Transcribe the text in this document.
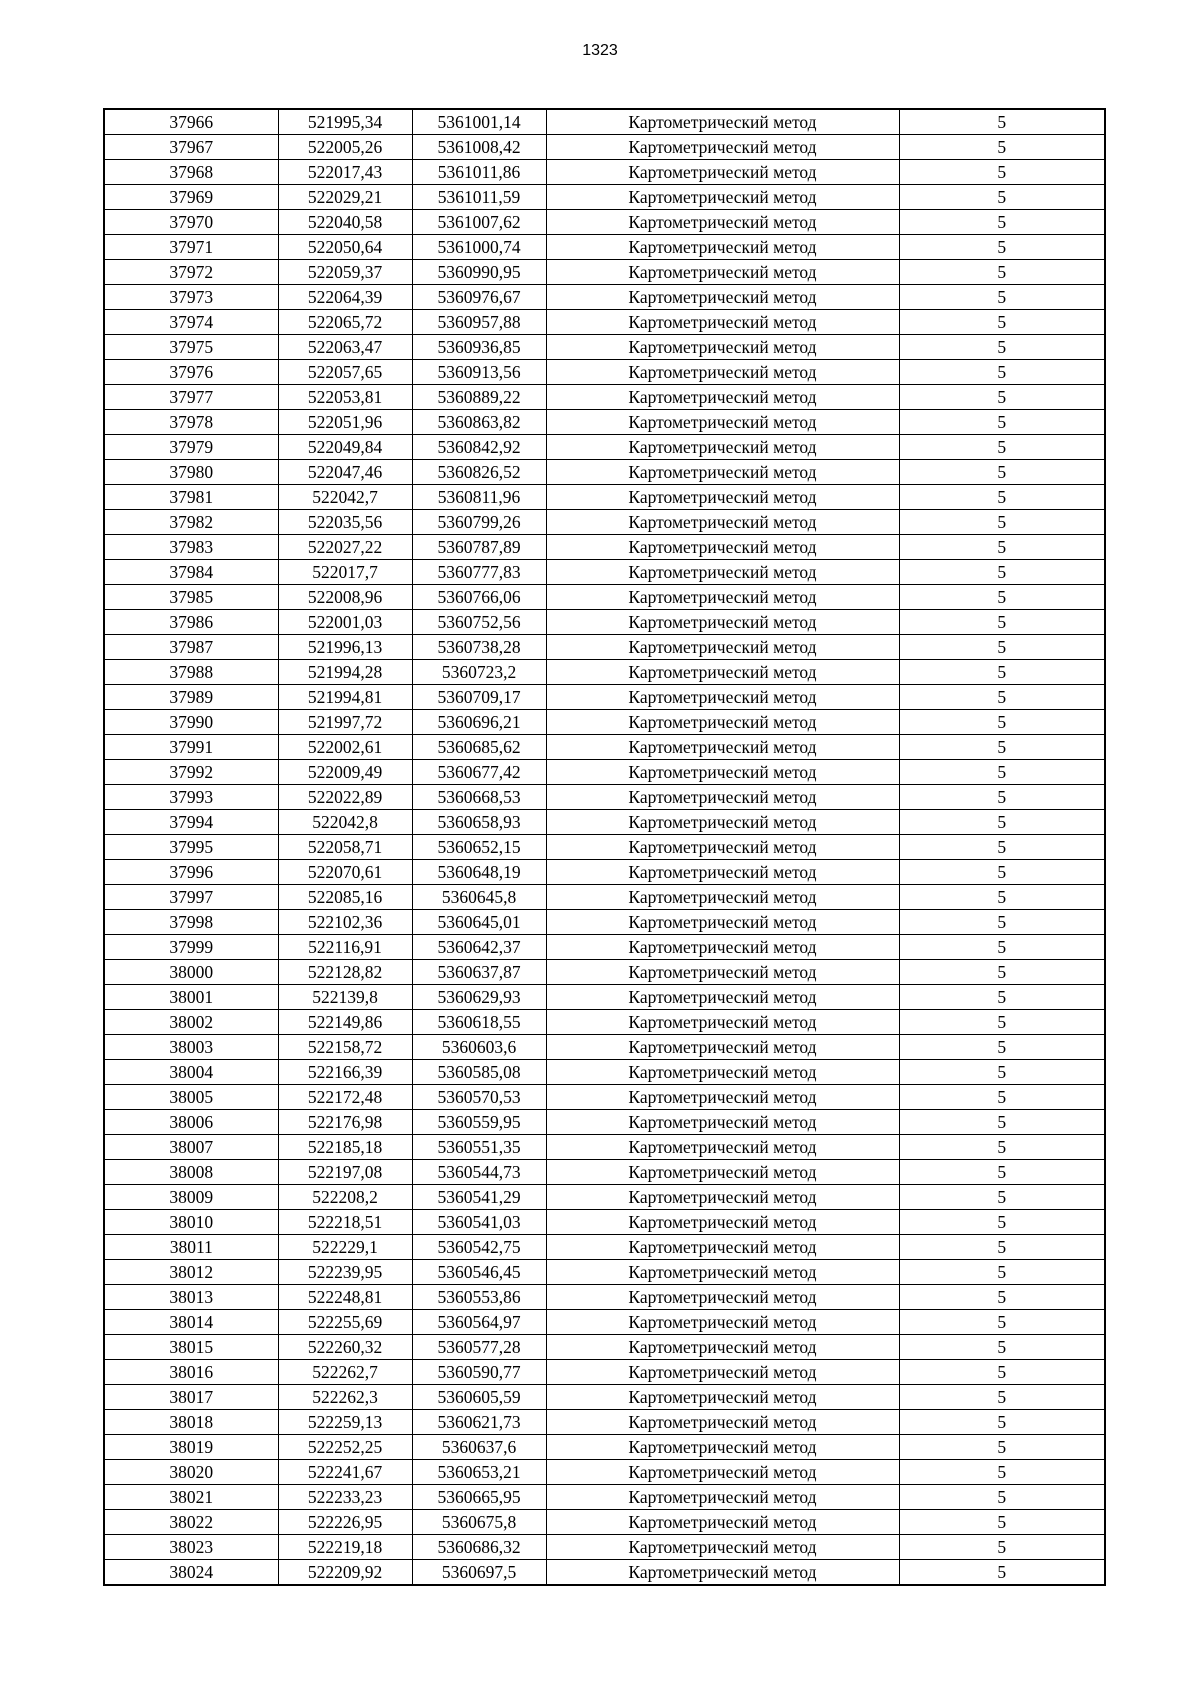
1323
37966	521995,34	5361001,14	Картометрический метод	5
37967	522005,26	5361008,42	Картометрический метод	5
37968	522017,43	5361011,86	Картометрический метод	5
37969	522029,21	5361011,59	Картометрический метод	5
37970	522040,58	5361007,62	Картометрический метод	5
37971	522050,64	5361000,74	Картометрический метод	5
37972	522059,37	5360990,95	Картометрический метод	5
37973	522064,39	5360976,67	Картометрический метод	5
37974	522065,72	5360957,88	Картометрический метод	5
37975	522063,47	5360936,85	Картометрический метод	5
37976	522057,65	5360913,56	Картометрический метод	5
37977	522053,81	5360889,22	Картометрический метод	5
37978	522051,96	5360863,82	Картометрический метод	5
37979	522049,84	5360842,92	Картометрический метод	5
37980	522047,46	5360826,52	Картометрический метод	5
37981	522042,7	5360811,96	Картометрический метод	5
37982	522035,56	5360799,26	Картометрический метод	5
37983	522027,22	5360787,89	Картометрический метод	5
37984	522017,7	5360777,83	Картометрический метод	5
37985	522008,96	5360766,06	Картометрический метод	5
37986	522001,03	5360752,56	Картометрический метод	5
37987	521996,13	5360738,28	Картометрический метод	5
37988	521994,28	5360723,2	Картометрический метод	5
37989	521994,81	5360709,17	Картометрический метод	5
37990	521997,72	5360696,21	Картометрический метод	5
37991	522002,61	5360685,62	Картометрический метод	5
37992	522009,49	5360677,42	Картометрический метод	5
37993	522022,89	5360668,53	Картометрический метод	5
37994	522042,8	5360658,93	Картометрический метод	5
37995	522058,71	5360652,15	Картометрический метод	5
37996	522070,61	5360648,19	Картометрический метод	5
37997	522085,16	5360645,8	Картометрический метод	5
37998	522102,36	5360645,01	Картометрический метод	5
37999	522116,91	5360642,37	Картометрический метод	5
38000	522128,82	5360637,87	Картометрический метод	5
38001	522139,8	5360629,93	Картометрический метод	5
38002	522149,86	5360618,55	Картометрический метод	5
38003	522158,72	5360603,6	Картометрический метод	5
38004	522166,39	5360585,08	Картометрический метод	5
38005	522172,48	5360570,53	Картометрический метод	5
38006	522176,98	5360559,95	Картометрический метод	5
38007	522185,18	5360551,35	Картометрический метод	5
38008	522197,08	5360544,73	Картометрический метод	5
38009	522208,2	5360541,29	Картометрический метод	5
38010	522218,51	5360541,03	Картометрический метод	5
38011	522229,1	5360542,75	Картометрический метод	5
38012	522239,95	5360546,45	Картометрический метод	5
38013	522248,81	5360553,86	Картометрический метод	5
38014	522255,69	5360564,97	Картометрический метод	5
38015	522260,32	5360577,28	Картометрический метод	5
38016	522262,7	5360590,77	Картометрический метод	5
38017	522262,3	5360605,59	Картометрический метод	5
38018	522259,13	5360621,73	Картометрический метод	5
38019	522252,25	5360637,6	Картометрический метод	5
38020	522241,67	5360653,21	Картометрический метод	5
38021	522233,23	5360665,95	Картометрический метод	5
38022	522226,95	5360675,8	Картометрический метод	5
38023	522219,18	5360686,32	Картометрический метод	5
38024	522209,92	5360697,5	Картометрический метод	5
